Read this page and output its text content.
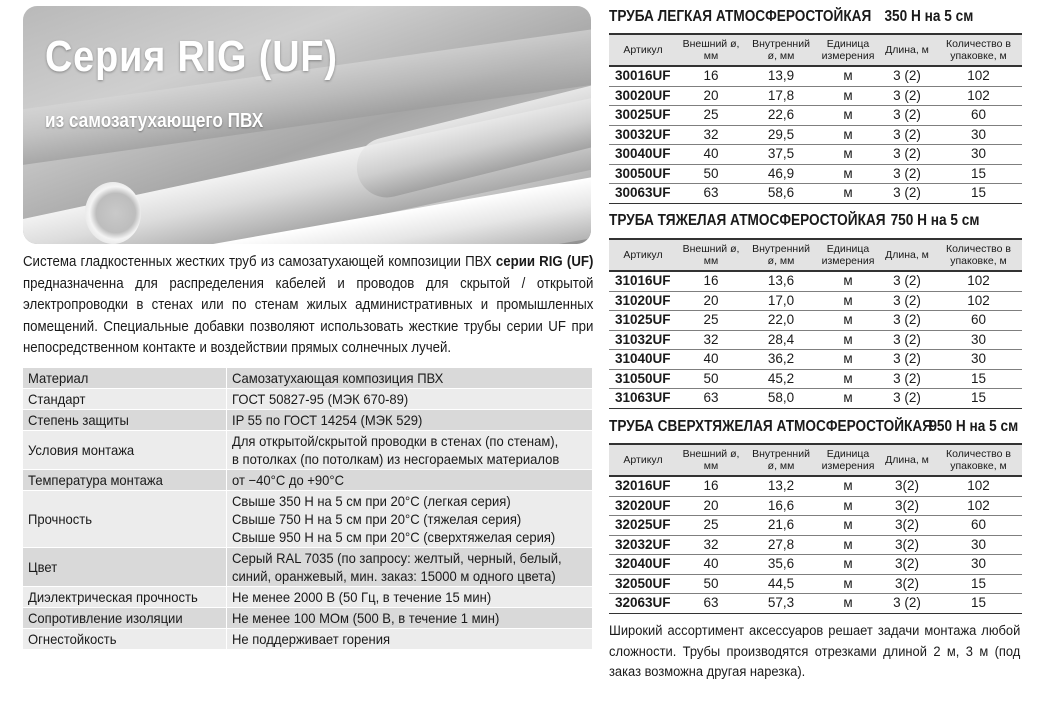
Серия RIG (UF)
из самозатухающего ПВХ

Система гладкостенных жестких труб из самозатухающей композиции ПВХ серии RIG (UF) предназначенна для распределения кабелей и проводов для скрытой / открытой электропроводки в стенах или по стенам жилых административных и промышленных помещений. Специальные добавки позволяют использовать жесткие трубы серии UF при непосредственном контакте и воздействии прямых солнечных лучей.

Материал	Самозатухающая композиция ПВХ

Стандарт	ГОСТ 50827-95 (МЭК 670-89)

Степень защиты	IP 55 по ГОСТ 14254 (МЭК 529)

Условия монтажа	Для открытой/скрытой проводки в стенах (по стенам),
в потолках (по потолкам) из несгораемых материалов

Температура монтажа	от −40°С до +90°С

Прочность	Свыше 350 Н на 5 см при 20°С (легкая серия)
Свыше 750 Н на 5 см при 20°С (тяжелая серия)
Свыше 950 Н на 5 см при 20°С (сверхтяжелая серия)

Цвет	Серый RAL 7035 (по запросу: желтый, черный, белый,
синий, оранжевый, мин. заказ: 15000 м одного цвета)

Диэлектрическая прочность	Не менее 2000 В (50 Гц, в течение 15 мин)

Сопротивление изоляции	Не менее 100 МОм (500 В, в течение 1 мин)

Огнестойкость	Не поддерживает горения
ТРУБА ЛЕГКАЯ АТМОСФЕРОСТОЙКАЯ 350 Н на 5 см
Артикул	Внешний ø, мм	Внутренний ø, мм	Единица измерения	Длина, м	Количество в упаковке, м
30016UF	16	13,9	м	3 (2)	102
30020UF	20	17,8	м	3 (2)	102
30025UF	25	22,6	м	3 (2)	60
30032UF	32	29,5	м	3 (2)	30
30040UF	40	37,5	м	3 (2)	30
30050UF	50	46,9	м	3 (2)	15
30063UF	63	58,6	м	3 (2)	15
ТРУБА ТЯЖЕЛАЯ АТМОСФЕРОСТОЙКАЯ 750 Н на 5 см
Артикул	Внешний ø, мм	Внутренний ø, мм	Единица измерения	Длина, м	Количество в упаковке, м
31016UF	16	13,6	м	3 (2)	102
31020UF	20	17,0	м	3 (2)	102
31025UF	25	22,0	м	3 (2)	60
31032UF	32	28,4	м	3 (2)	30
31040UF	40	36,2	м	3 (2)	30
31050UF	50	45,2	м	3 (2)	15
31063UF	63	58,0	м	3 (2)	15
ТРУБА СВЕРХТЯЖЕЛАЯ АТМОСФЕРОСТОЙКАЯ
950 Н на 5 см
Артикул	Внешний ø, мм	Внутренний ø, мм	Единица измерения	Длина, м	Количество в упаковке, м
32016UF	16	13,2	м	3(2)	102
32020UF	20	16,6	м	3(2)	102
32025UF	25	21,6	м	3(2)	60
32032UF	32	27,8	м	3(2)	30
32040UF	40	35,6	м	3(2)	30
32050UF	50	44,5	м	3(2)	15
32063UF	63	57,3	м	3 (2)	15

Широкий ассортимент аксессуаров решает задачи монтажа любой сложности. Трубы производятся отрезками длиной 2 м, 3 м (под заказ возможна другая нарезка).
